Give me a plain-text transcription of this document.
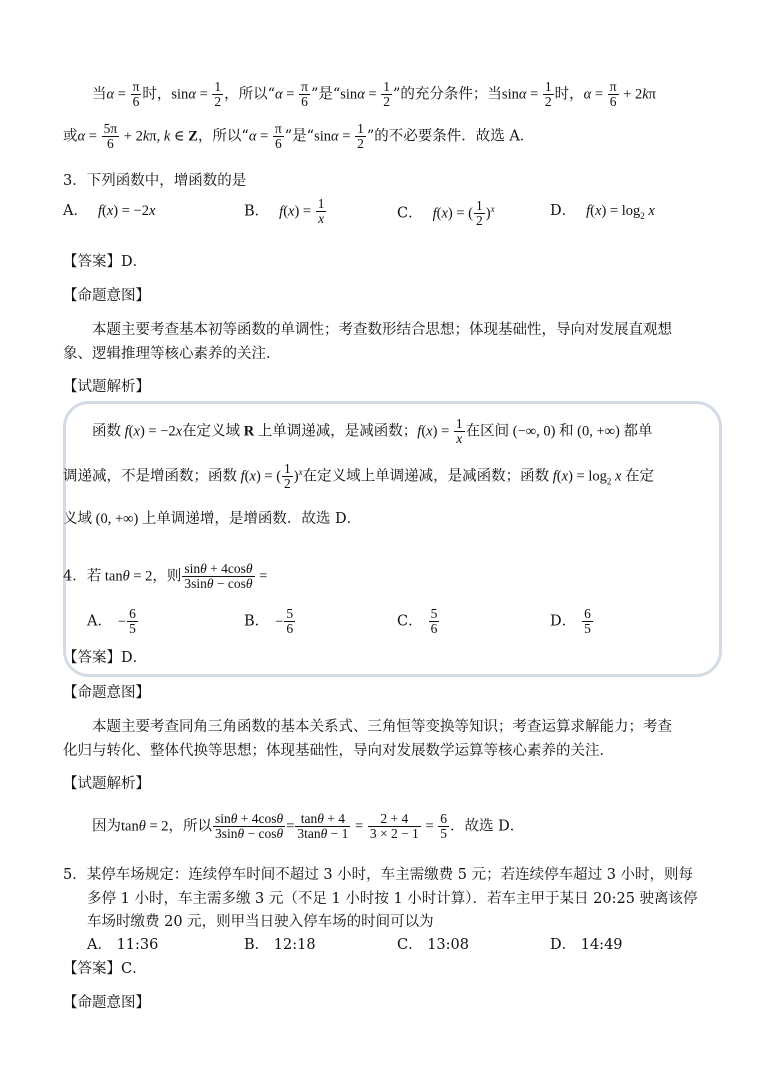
当$\alpha = \frac{\pi}{6}$ 时，$\sin\alpha = \frac{1}{2}$ ，所以“$\alpha = \frac{\pi}{6}$ ”是“$\sin\alpha = \frac{1}{2}$ ”的充分条件；当$\sin\alpha = \frac{1}{2}$ 时，$\alpha = \frac{\pi}{6} + 2k\pi$
或$\alpha = \frac{5\pi}{6} + 2k\pi$, k ∈ Z，所以“$\alpha = \frac{\pi}{6}$ ”是“$\sin\alpha = \frac{1}{2}$ ”的不必要条件．故选 A．
3．下列函数中，增函数的是
A． f(x) = −2x	B． $f(x) = \frac{1}{x}$	C． f(x) = ( $\frac{1}{2} )^x$	D． $f(x) = \log_2 x$
【答案】D．
【命题意图】
本题主要考查基本初等函数的单调性；考查数形结合思想；体现基础性，导向对发展直观想
象、逻辑推理等核心素养的关注．
【试题解析】
函数 f(x) = −2x在定义域 R 上单调递减，是减函数；$f(x) = \frac{1}{x}$ 在区间 (−∞, 0) 和 (0, +∞) 都单
调递减，不是增函数；函数 f(x) = ( $\frac{1}{2} )^x$在定义域上单调递减，是减函数；函数 $f(x) = \log_2 x$ 在定
义域 (0, +∞) 上单调递增，是增函数．故选 D．
4．若 tanθ = 2，则 $\frac{\sin\theta + 4\cos\theta}{3\sin\theta - \cos\theta}$ =
A． − $\frac{6}{5}$	B． − $\frac{5}{6}$	C． $\frac{5}{6}$	D． $\frac{6}{5}$
【答案】D．
【命题意图】
本题主要考查同角三角函数的基本关系式、三角恒等变换等知识；考查运算求解能力；考查
化归与转化、整体代换等思想；体现基础性，导向对发展数学运算等核心素养的关注．
【试题解析】
因为tanθ = 2，所以 $\frac{\sin\theta + 4\cos\theta}{3\sin\theta - \cos\theta} = \frac{\tan\theta + 4}{3\tan\theta - 1} = \frac{2 + 4}{3 \times 2 - 1} = \frac{6}{5}$ ．故选 D．
5．某停车场规定：连续停车时间不超过 3 小时，车主需缴费 5 元；若连续停车超过 3 小时，则每
多停 1 小时，车主需多缴 3 元（不足 1 小时按 1 小时计算）．若车主甲于某日 20:25 驶离该停
车场时缴费 20 元，则甲当日驶入停车场的时间可以为
A． 11:36	B． 12:18	C． 13:08	D． 14:49
【答案】C．
【命题意图】
